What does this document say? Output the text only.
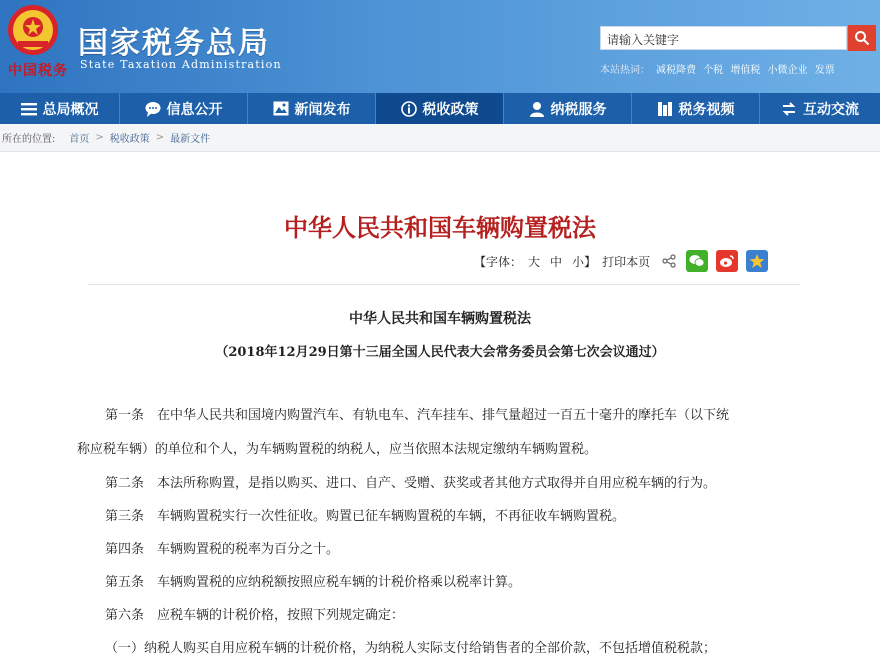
中国税务
国家税务总局
State Taxation Administration
请输入关键字
本站热词： 减税降费 个税 增值税 小微企业 发票
总局概况	信息公开	新闻发布	税收政策	纳税服务	税务视频	互动交流
所在的位置: 首页 > 税收政策 > 最新文件
中华人民共和国车辆购置税法
【字体： 大 中 小 】 打印本页
中华人民共和国车辆购置税法
（2018年12月29日第十三届全国人民代表大会常务委员会第七次会议通过）
第一条　在中华人民共和国境内购置汽车、有轨电车、汽车挂车、排气量超过一百五十毫升的摩托车（以下统
称应税车辆）的单位和个人，为车辆购置税的纳税人，应当依照本法规定缴纳车辆购置税。
第二条　本法所称购置，是指以购买、进口、自产、受赠、获奖或者其他方式取得并自用应税车辆的行为。
第三条　车辆购置税实行一次性征收。购置已征车辆购置税的车辆，不再征收车辆购置税。
第四条　车辆购置税的税率为百分之十。
第五条　车辆购置税的应纳税额按照应税车辆的计税价格乘以税率计算。
第六条　应税车辆的计税价格，按照下列规定确定：
（一）纳税人购买自用应税车辆的计税价格，为纳税人实际支付给销售者的全部价款，不包括增值税税款；
